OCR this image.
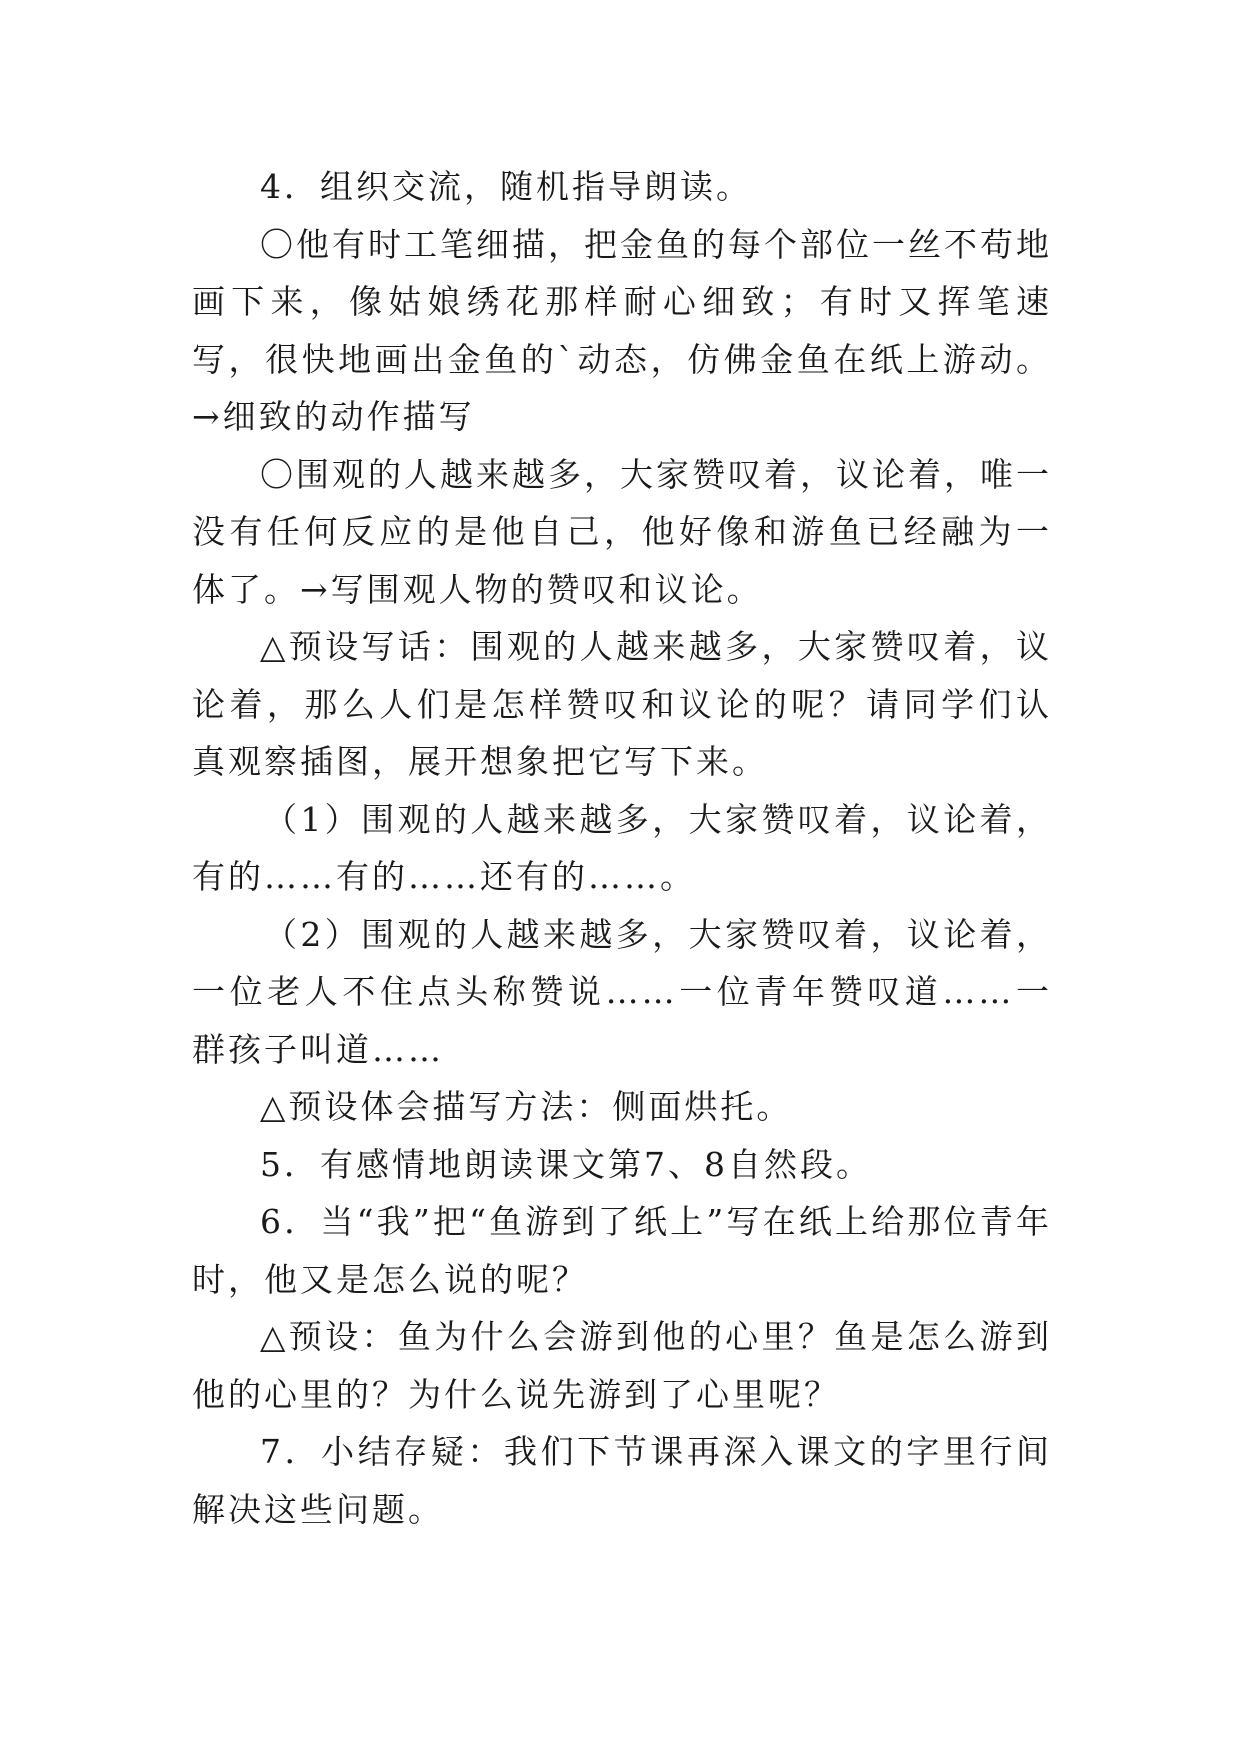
4．组织交流，随机指导朗读。

〇他有时工笔细描，把金鱼的每个部位一丝不苟地画下来，像姑娘绣花那样耐心细致；有时又挥笔速写，很快地画出金鱼的`动态，仿佛金鱼在纸上游动。→细致的动作描写

〇围观的人越来越多，大家赞叹着，议论着，唯一没有任何反应的是他自己，他好像和游鱼已经融为一体了。→写围观人物的赞叹和议论。

△预设写话：围观的人越来越多，大家赞叹着，议论着，那么人们是怎样赞叹和议论的呢？请同学们认真观察插图，展开想象把它写下来。

（1）围观的人越来越多，大家赞叹着，议论着，有的……有的……还有的……。

（2）围观的人越来越多，大家赞叹着，议论着，一位老人不住点头称赞说……一位青年赞叹道……一群孩子叫道……

△预设体会描写方法：侧面烘托。

5．有感情地朗读课文第7、8自然段。

6．当“我”把“鱼游到了纸上”写在纸上给那位青年时，他又是怎么说的呢？

△预设：鱼为什么会游到他的心里？鱼是怎么游到他的心里的？为什么说先游到了心里呢？

7．小结存疑：我们下节课再深入课文的字里行间解决这些问题。
